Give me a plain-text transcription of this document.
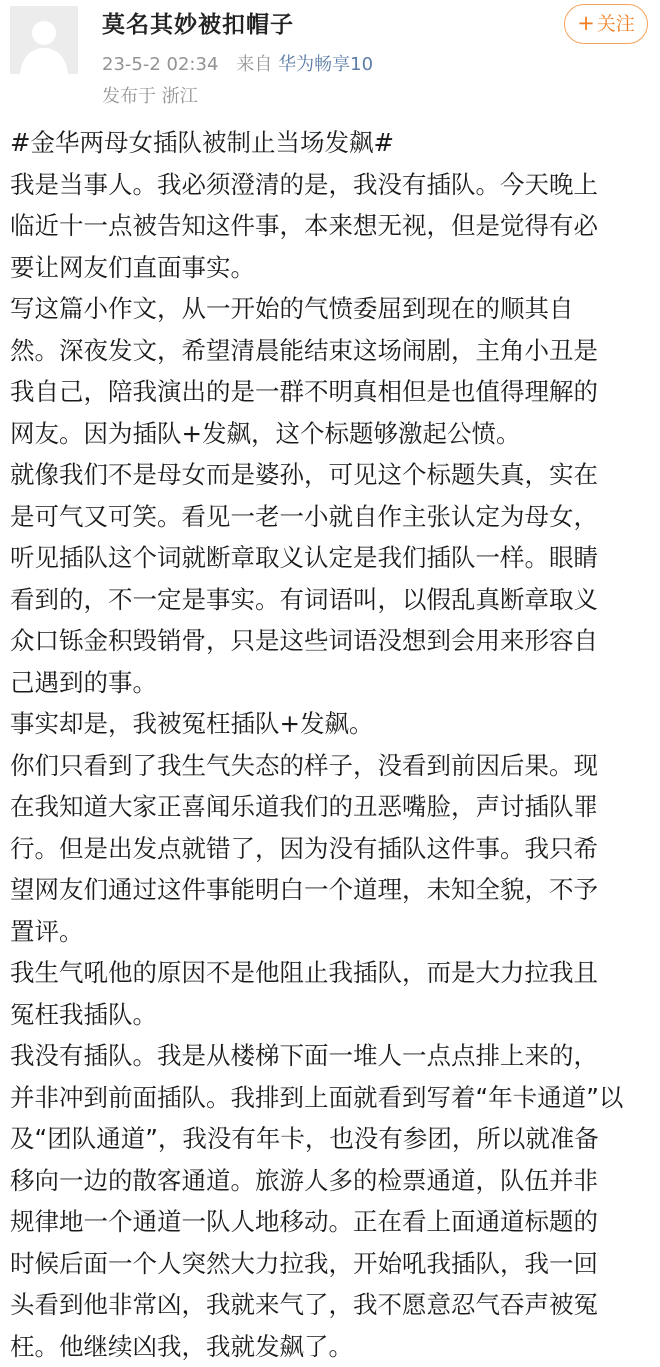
莫名其妙被扣帽子
23-5-2 02:34 来自 华为畅享10
发布于 浙江
+ 关注

#金华两母女插队被制止当场发飙#

我是当事人。我必须澄清的是，我没有插队。今天晚上

临近十一点被告知这件事，本来想无视，但是觉得有必

要让网友们直面事实。

写这篇小作文，从一开始的气愤委屈到现在的顺其自

然。深夜发文，希望清晨能结束这场闹剧，主角小丑是

我自己，陪我演出的是一群不明真相但是也值得理解的

网友。因为插队+发飙，这个标题够激起公愤。

就像我们不是母女而是婆孙，可见这个标题失真，实在

是可气又可笑。看见一老一小就自作主张认定为母女，

听见插队这个词就断章取义认定是我们插队一样。眼睛

看到的，不一定是事实。有词语叫，以假乱真断章取义

众口铄金积毁销骨，只是这些词语没想到会用来形容自

己遇到的事。

事实却是，我被冤枉插队+发飙。

你们只看到了我生气失态的样子，没看到前因后果。现

在我知道大家正喜闻乐道我们的丑恶嘴脸，声讨插队罪

行。但是出发点就错了，因为没有插队这件事。我只希

望网友们通过这件事能明白一个道理，未知全貌，不予

置评。

我生气吼他的原因不是他阻止我插队，而是大力拉我且

冤枉我插队。

我没有插队。我是从楼梯下面一堆人一点点排上来的，

并非冲到前面插队。我排到上面就看到写着“年卡通道”以

及“团队通道”，我没有年卡，也没有参团，所以就准备

移向一边的散客通道。旅游人多的检票通道，队伍并非

规律地一个通道一队人地移动。正在看上面通道标题的

时候后面一个人突然大力拉我，开始吼我插队，我一回

头看到他非常凶，我就来气了，我不愿意忍气吞声被冤

枉。他继续凶我，我就发飙了。
